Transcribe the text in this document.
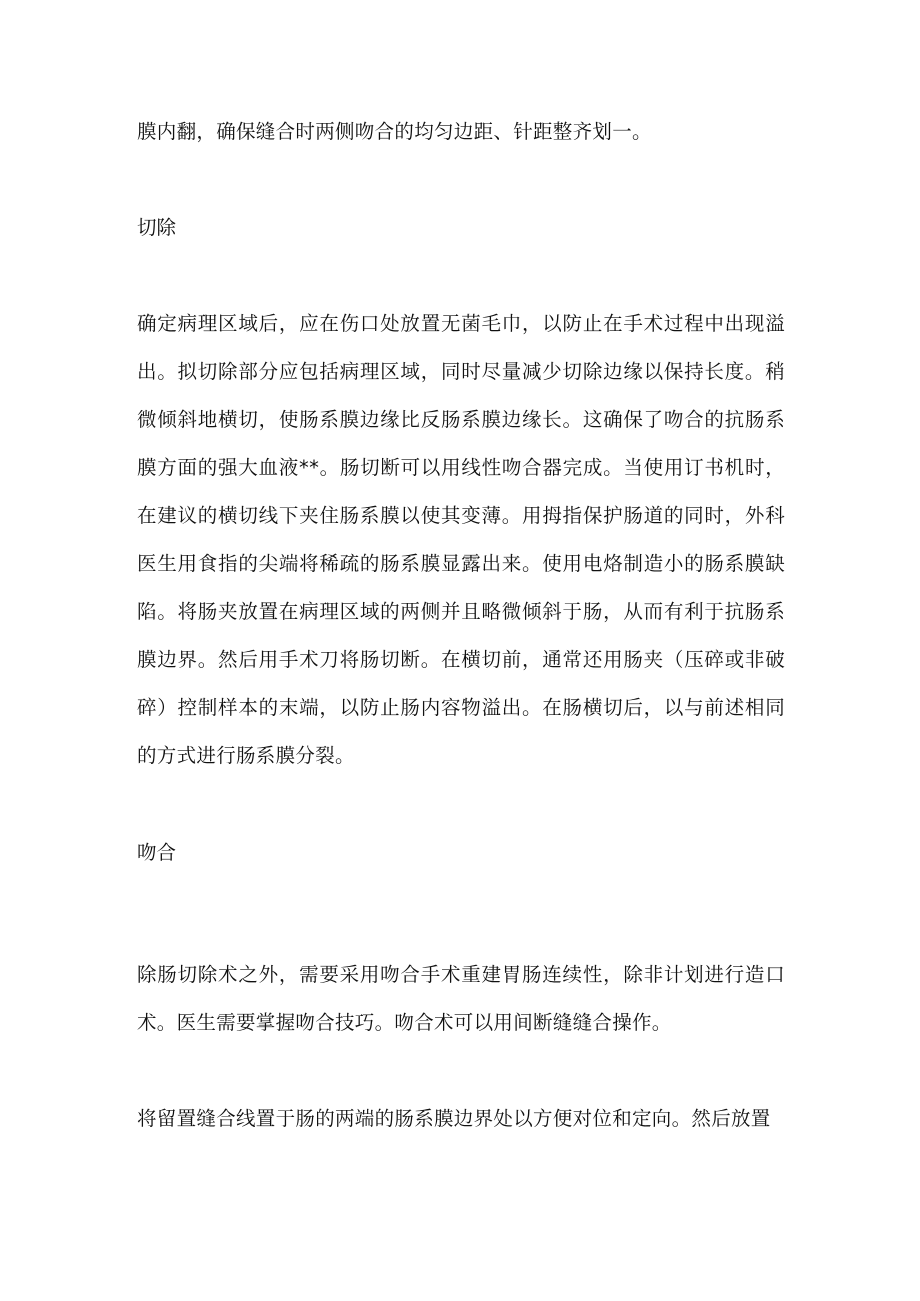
膜内翻，确保缝合时两侧吻合的均匀边距、针距整齐划一。

切除

确定病理区域后，应在伤口处放置无菌毛巾，以防止在手术过程中出现溢出。拟切除部分应包括病理区域，同时尽量减少切除边缘以保持长度。稍微倾斜地横切，使肠系膜边缘比反肠系膜边缘长。这确保了吻合的抗肠系膜方面的强大血液**。肠切断可以用线性吻合器完成。当使用订书机时，在建议的横切线下夹住肠系膜以使其变薄。用拇指保护肠道的同时，外科医生用食指的尖端将稀疏的肠系膜显露出来。使用电烙制造小的肠系膜缺陷。将肠夹放置在病理区域的两侧并且略微倾斜于肠，从而有利于抗肠系膜边界。然后用手术刀将肠切断。在横切前，通常还用肠夹（压碎或非破碎）控制样本的末端，以防止肠内容物溢出。在肠横切后，以与前述相同的方式进行肠系膜分裂。

吻合

除肠切除术之外，需要采用吻合手术重建胃肠连续性，除非计划进行造口术。医生需要掌握吻合技巧。吻合术可以用间断缝缝合操作。

将留置缝合线置于肠的两端的肠系膜边界处以方便对位和定向。然后放置
